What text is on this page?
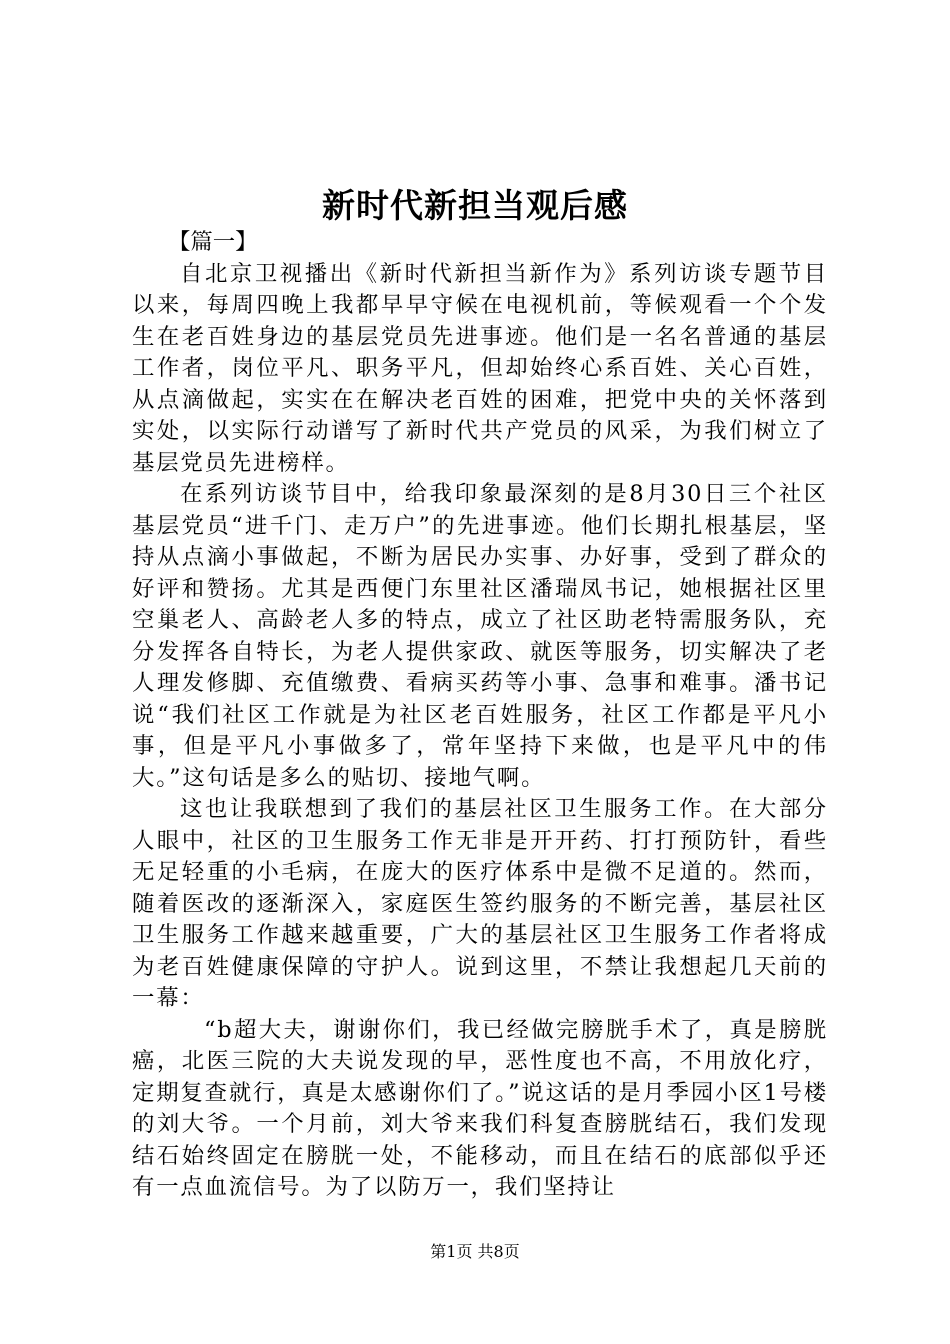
新时代新担当观后感

【篇一】

自北京卫视播出《新时代新担当新作为》系列访谈专题节目以来，每周四晚上我都早早守候在电视机前，等候观看一个个发生在老百姓身边的基层党员先进事迹。他们是一名名普通的基层工作者，岗位平凡、职务平凡，但却始终心系百姓、关心百姓，从点滴做起，实实在在解决老百姓的困难，把党中央的关怀落到实处，以实际行动谱写了新时代共产党员的风采，为我们树立了基层党员先进榜样。

在系列访谈节目中，给我印象最深刻的是8月30日三个社区基层党员“进千门、走万户”的先进事迹。他们长期扎根基层，坚持从点滴小事做起，不断为居民办实事、办好事，受到了群众的好评和赞扬。尤其是西便门东里社区潘瑞凤书记，她根据社区里空巢老人、高龄老人多的特点，成立了社区助老特需服务队，充分发挥各自特长，为老人提供家政、就医等服务，切实解决了老人理发修脚、充值缴费、看病买药等小事、急事和难事。潘书记说“我们社区工作就是为社区老百姓服务，社区工作都是平凡小事，但是平凡小事做多了，常年坚持下来做，也是平凡中的伟大。”这句话是多么的贴切、接地气啊。

这也让我联想到了我们的基层社区卫生服务工作。在大部分人眼中，社区的卫生服务工作无非是开开药、打打预防针，看些无足轻重的小毛病，在庞大的医疗体系中是微不足道的。然而，随着医改的逐渐深入，家庭医生签约服务的不断完善，基层社区卫生服务工作越来越重要，广大的基层社区卫生服务工作者将成为老百姓健康保障的守护人。说到这里，不禁让我想起几天前的一幕：

“b超大夫，谢谢你们，我已经做完膀胱手术了，真是膀胱癌，北医三院的大夫说发现的早，恶性度也不高，不用放化疗，定期复查就行，真是太感谢你们了。”说这话的是月季园小区1号楼的刘大爷。一个月前，刘大爷来我们科复查膀胱结石，我们发现结石始终固定在膀胱一处，不能移动，而且在结石的底部似乎还有一点血流信号。为了以防万一，我们坚持让

第1页 共8页
